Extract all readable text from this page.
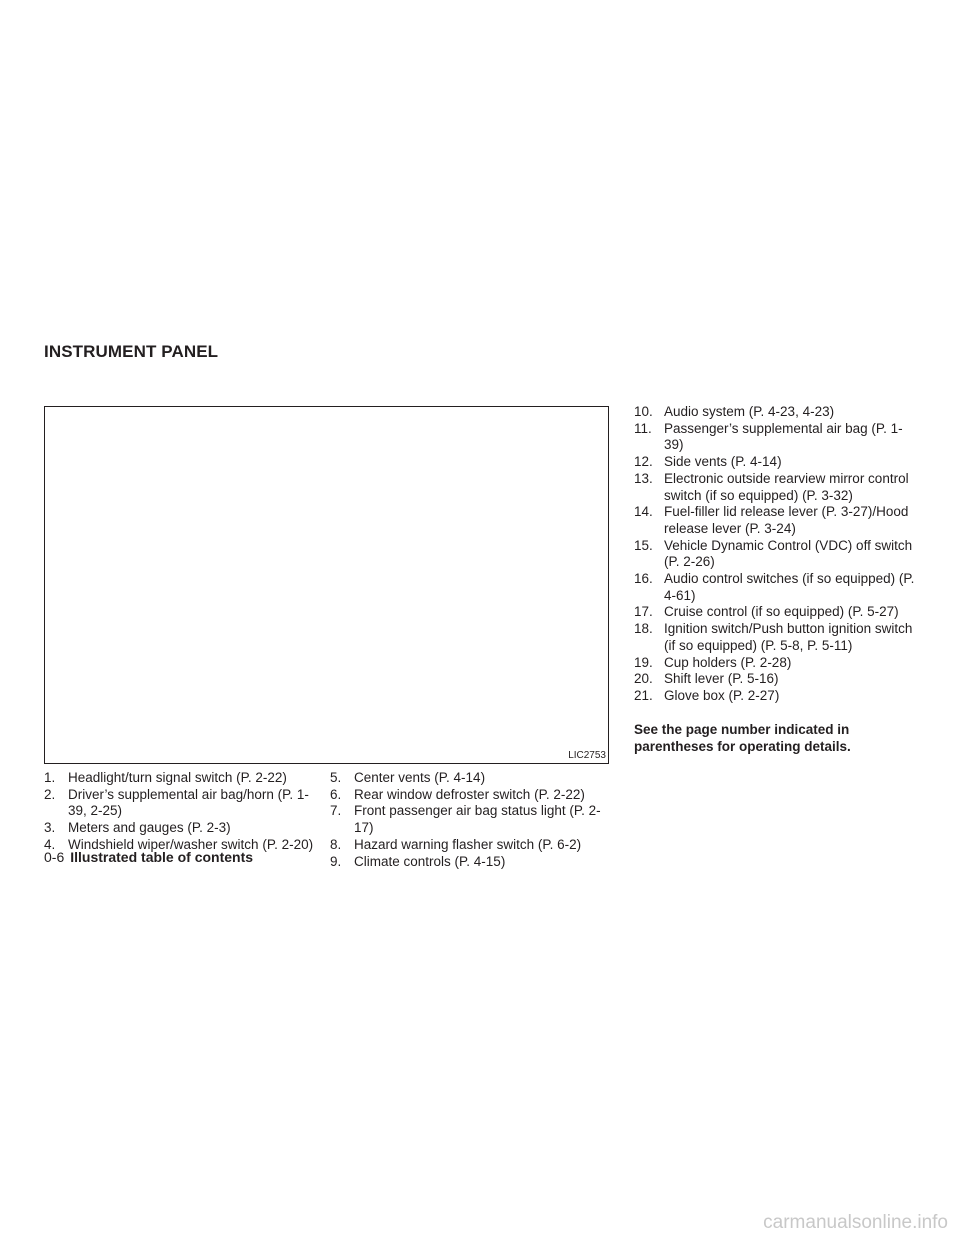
INSTRUMENT PANEL
LIC2753
1. Headlight/turn signal switch (P. 2-22)
2. Driver’s supplemental air bag/horn (P. 1-39, 2-25)
3. Meters and gauges (P. 2-3)
4. Windshield wiper/washer switch (P. 2-20)
5. Center vents (P. 4-14)
6. Rear window defroster switch (P. 2-22)
7. Front passenger air bag status light (P. 2-17)
8. Hazard warning flasher switch (P. 6-2)
9. Climate controls (P. 4-15)
10. Audio system (P. 4-23, 4-23)
11. Passenger’s supplemental air bag (P. 1-39)
12. Side vents (P. 4-14)
13. Electronic outside rearview mirror control switch (if so equipped) (P. 3-32)
14. Fuel-filler lid release lever (P. 3-27)/Hood release lever (P. 3-24)
15. Vehicle Dynamic Control (VDC) off switch (P. 2-26)
16. Audio control switches (if so equipped) (P. 4-61)
17. Cruise control (if so equipped) (P. 5-27)
18. Ignition switch/Push button ignition switch (if so equipped) (P. 5-8, P. 5-11)
19. Cup holders (P. 2-28)
20. Shift lever (P. 5-16)
21. Glove box (P. 2-27)

See the page number indicated in parentheses for operating details.

0-6 Illustrated table of contents
carmanualsonline.info
